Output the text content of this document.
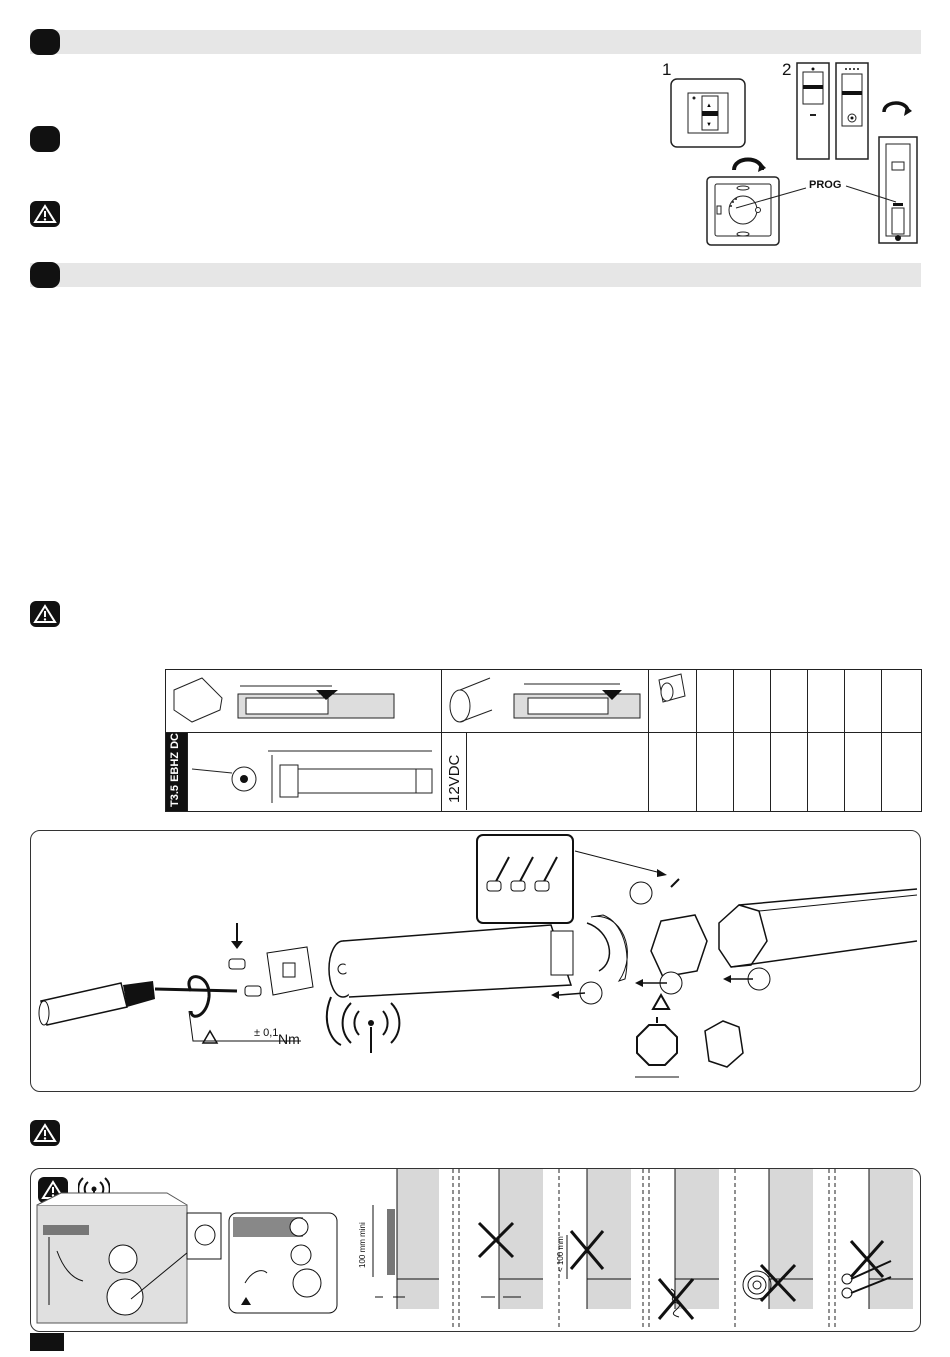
1	2
▲
▼
PROG

T3.5 EBHZ DC		12VDC							

± 0,1 Nm
100 mm mini	< 100 mm
